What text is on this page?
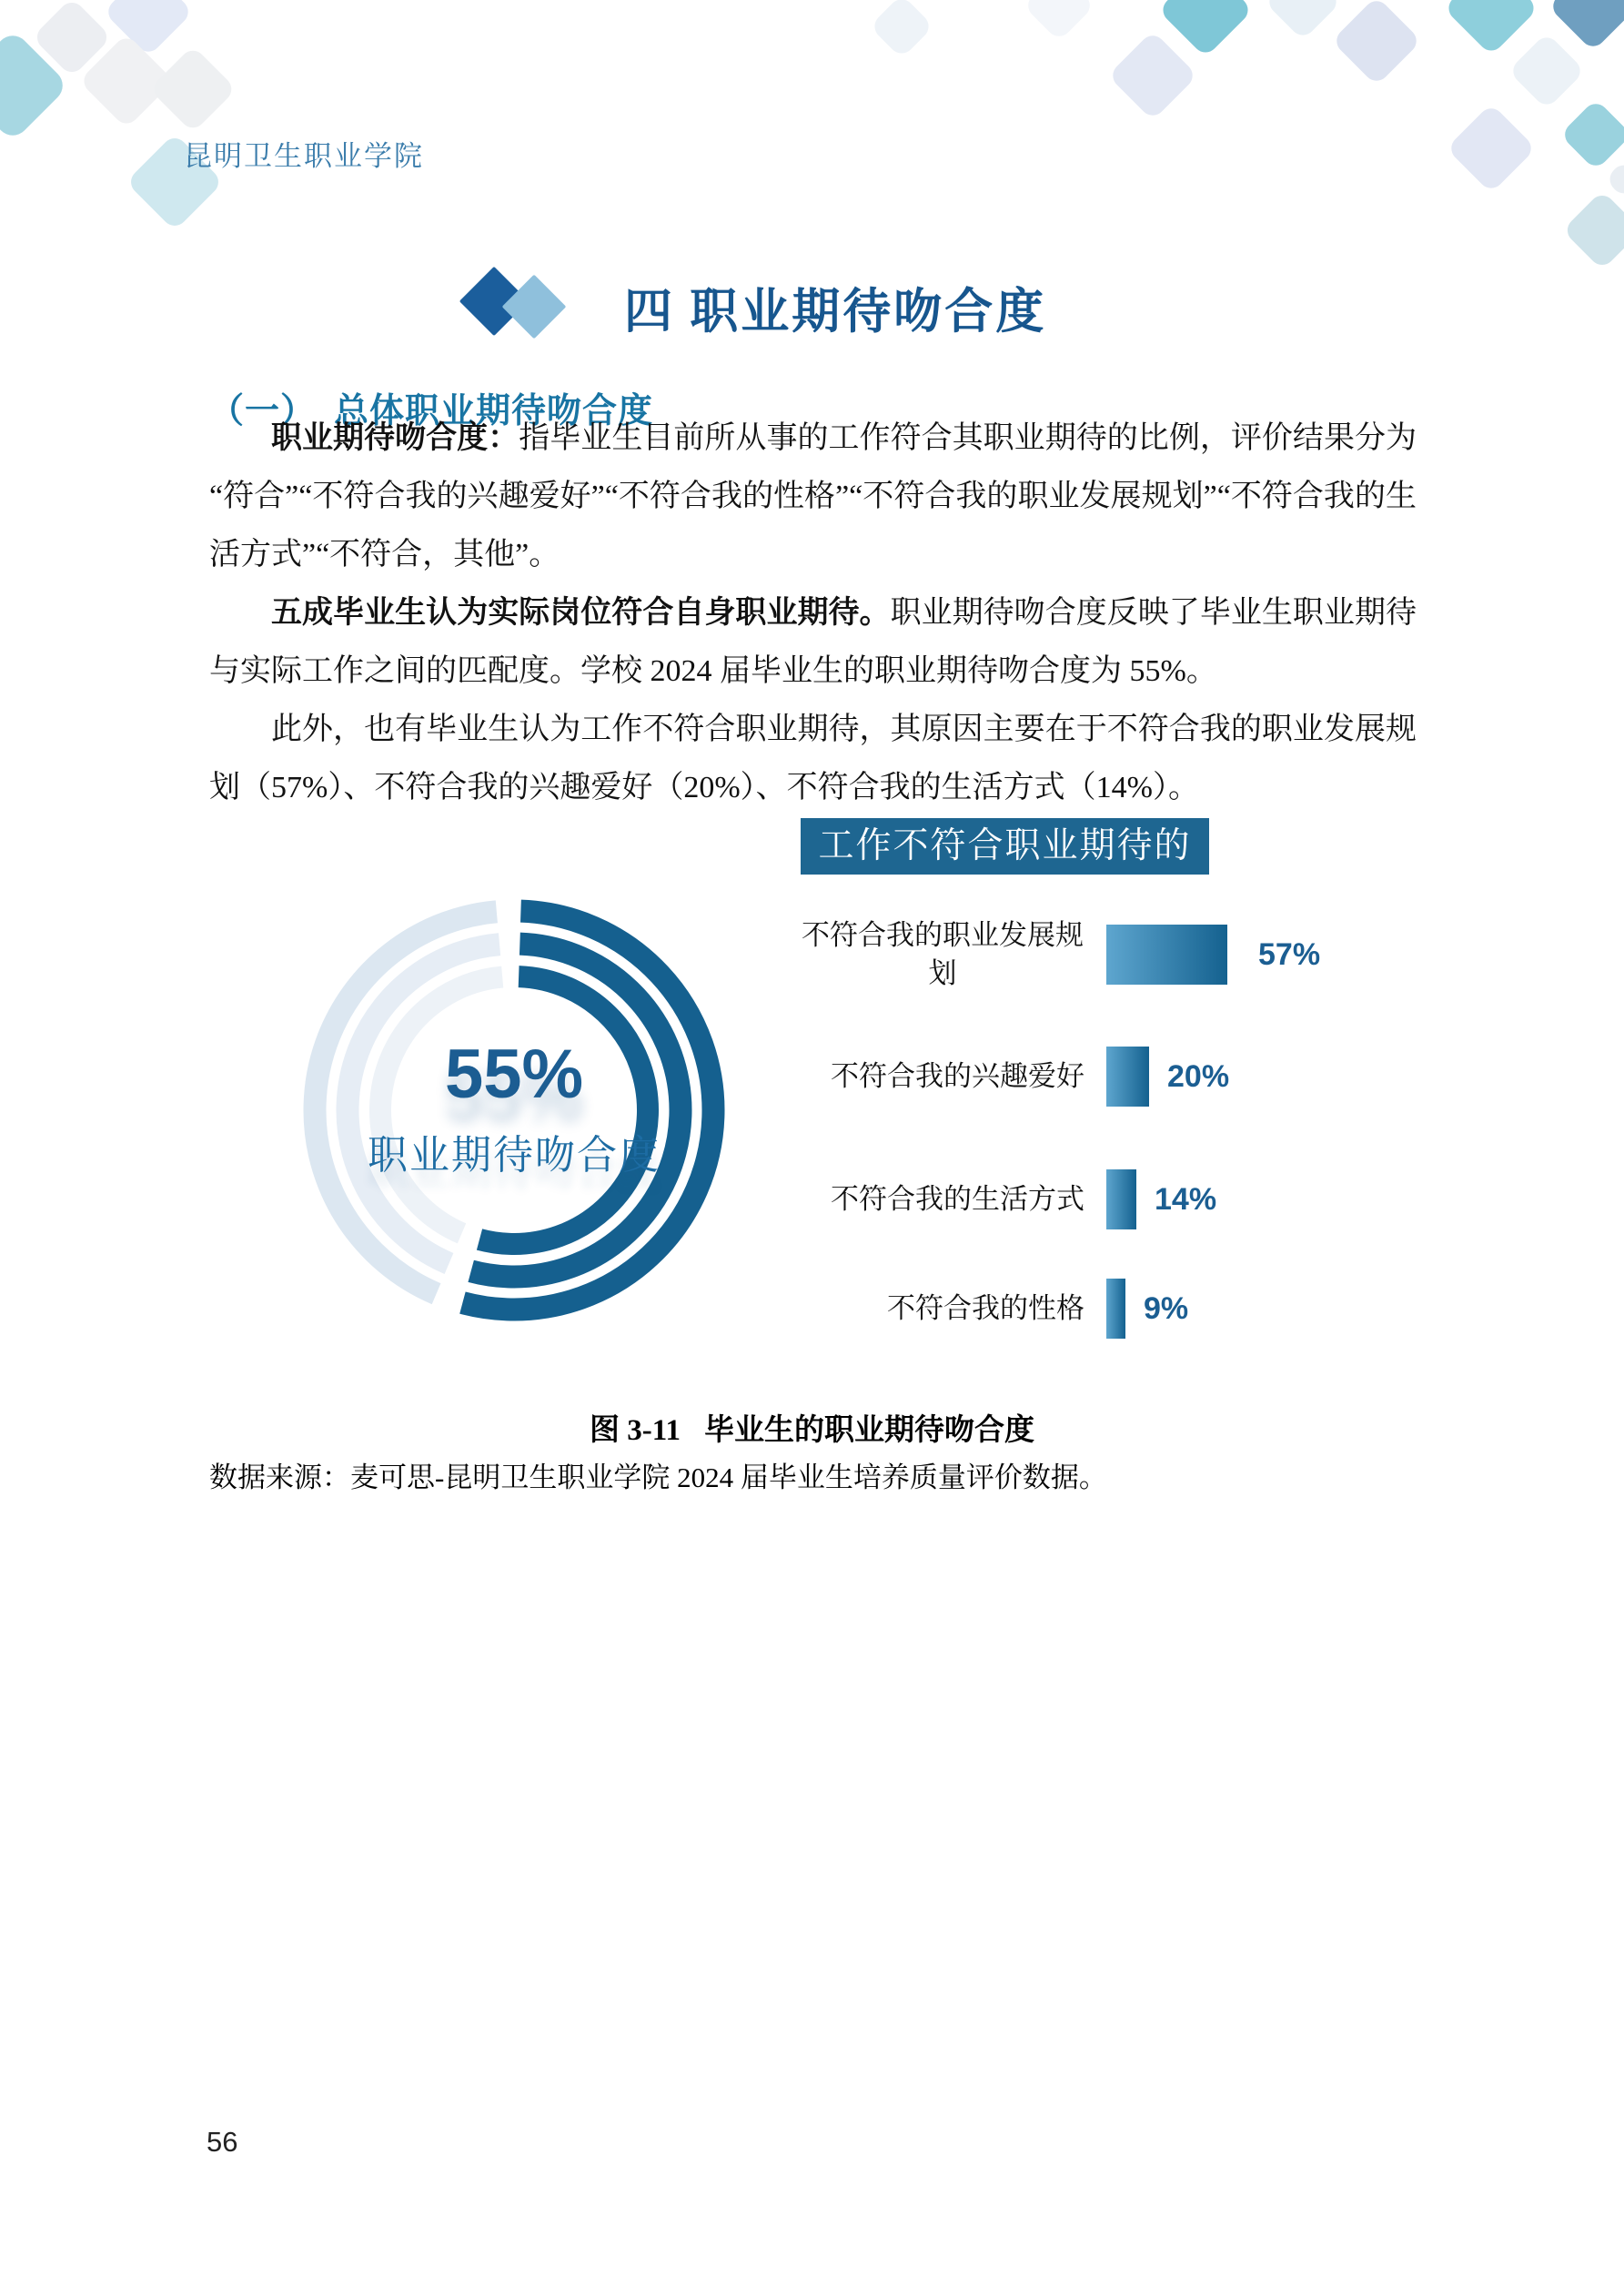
昆明卫生职业学院
四 职业期待吻合度
（一）　总体职业期待吻合度

职业期待吻合度：指毕业生目前所从事的工作符合其职业期待的比例，评价结果分为“符合”“不符合我的兴趣爱好”“不符合我的性格”“不符合我的职业发展规划”“不符合我的生活方式”“不符合，其他”。

五成毕业生认为实际岗位符合自身职业期待。职业期待吻合度反映了毕业生职业期待与实际工作之间的匹配度。学校 2024 届毕业生的职业期待吻合度为 55%。

此外，也有毕业生认为工作不符合职业期待，其原因主要在于不符合我的职业发展规划（57%）、不符合我的兴趣爱好（20%）、不符合我的生活方式（14%）。

55%
职业期待吻合度
工作不符合职业期待的原因
不符合我的职业发展规划
57%
不符合我的兴趣爱好	20%
不符合我的生活方式 14%
不符合我的性格 9%
图 3-11 毕业生的职业期待吻合度
数据来源：麦可思-昆明卫生职业学院 2024 届毕业生培养质量评价数据。
56
